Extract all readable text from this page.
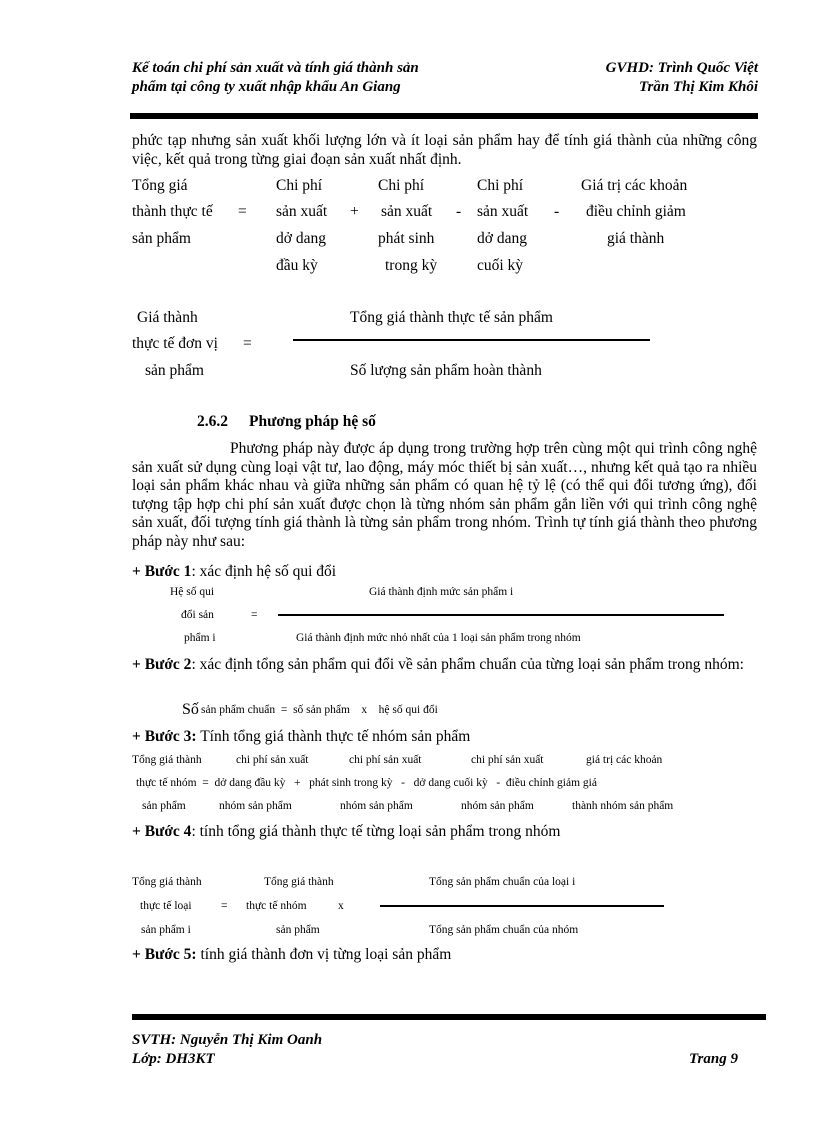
Kế toán chi phí sản xuất và tính giá thành sản
phẩm tại công ty xuất nhập khẩu An Giang
GVHD: Trình Quốc Việt
Trần Thị Kim Khôi
phức tạp nhưng sản xuất khối lượng lớn và ít loại sản phẩm hay để tính giá thành của những công việc, kết quả trong từng giai đoạn sản xuất nhất định.
Tổng giá
thành thực tế
sản phẩm
=
Chi phí
sản xuất
dở dang
đầu kỳ
+
Chi phí
sản xuất
phát sinh
trong kỳ
-
Chi phí
sản xuất
dở dang
cuối kỳ
-
Giá trị các khoản
điều chỉnh giảm
giá thành
Giá thành
thực tế đơn vị
sản phẩm
=
Tổng giá thành thực tế sản phẩm
Số lượng sản phẩm hoàn thành
2.6.2 Phương pháp hệ số
Phương pháp này được áp dụng trong trường hợp trên cùng một qui trình công nghệ sản xuất sử dụng cùng loại vật tư, lao động, máy móc thiết bị sản xuất…, nhưng kết quả tạo ra nhiều loại sản phẩm khác nhau và giữa những sản phẩm có quan hệ tỷ lệ (có thể qui đổi tương ứng), đối tượng tập hợp chi phí sản xuất được chọn là từng nhóm sản phẩm gắn liền với qui trình công nghệ sản xuất, đối tượng tính giá thành là từng sản phẩm trong nhóm. Trình tự tính giá thành theo phương pháp này như sau:
+ Bước 1: xác định hệ số qui đổi
Hệ số qui
đổi sản
phẩm i
=
Giá thành định mức sản phẩm i
Giá thành định mức nhỏ nhất của 1 loại sản phẩm trong nhóm
+ Bước 2: xác định tổng sản phẩm qui đổi về sản phẩm chuẩn của từng loại sản phẩm trong nhóm:
Số sản phẩm chuẩn  =  số sản phẩm    x    hệ số qui đổi
+ Bước 3: Tính tổng giá thành thực tế nhóm sản phẩm
Tổng giá thành	chi phí sản xuất	chi phí sản xuất	chi phí sản xuất	giá trị các khoản
thực tế nhóm  =  dở dang đầu kỳ   +   phát sinh trong kỳ   -   dở dang cuối kỳ   -  điều chỉnh giảm giá
sản phẩm	nhóm sản phẩm	nhóm sản phẩm	nhóm sản phẩm	thành nhóm sản phẩm
+ Bước 4: tính tổng giá thành thực tế từng loại sản phẩm trong nhóm
Tổng giá thành
thực tế loại
sản phẩm i
=
Tổng giá thành
thực tế nhóm
sản phẩm
x
Tổng sản phẩm chuẩn của loại i
Tổng sản phẩm chuẩn của nhóm
+ Bước 5: tính giá thành đơn vị từng loại sản phẩm
SVTH: Nguyễn Thị Kim Oanh
Lớp: DH3KT	Trang 9
